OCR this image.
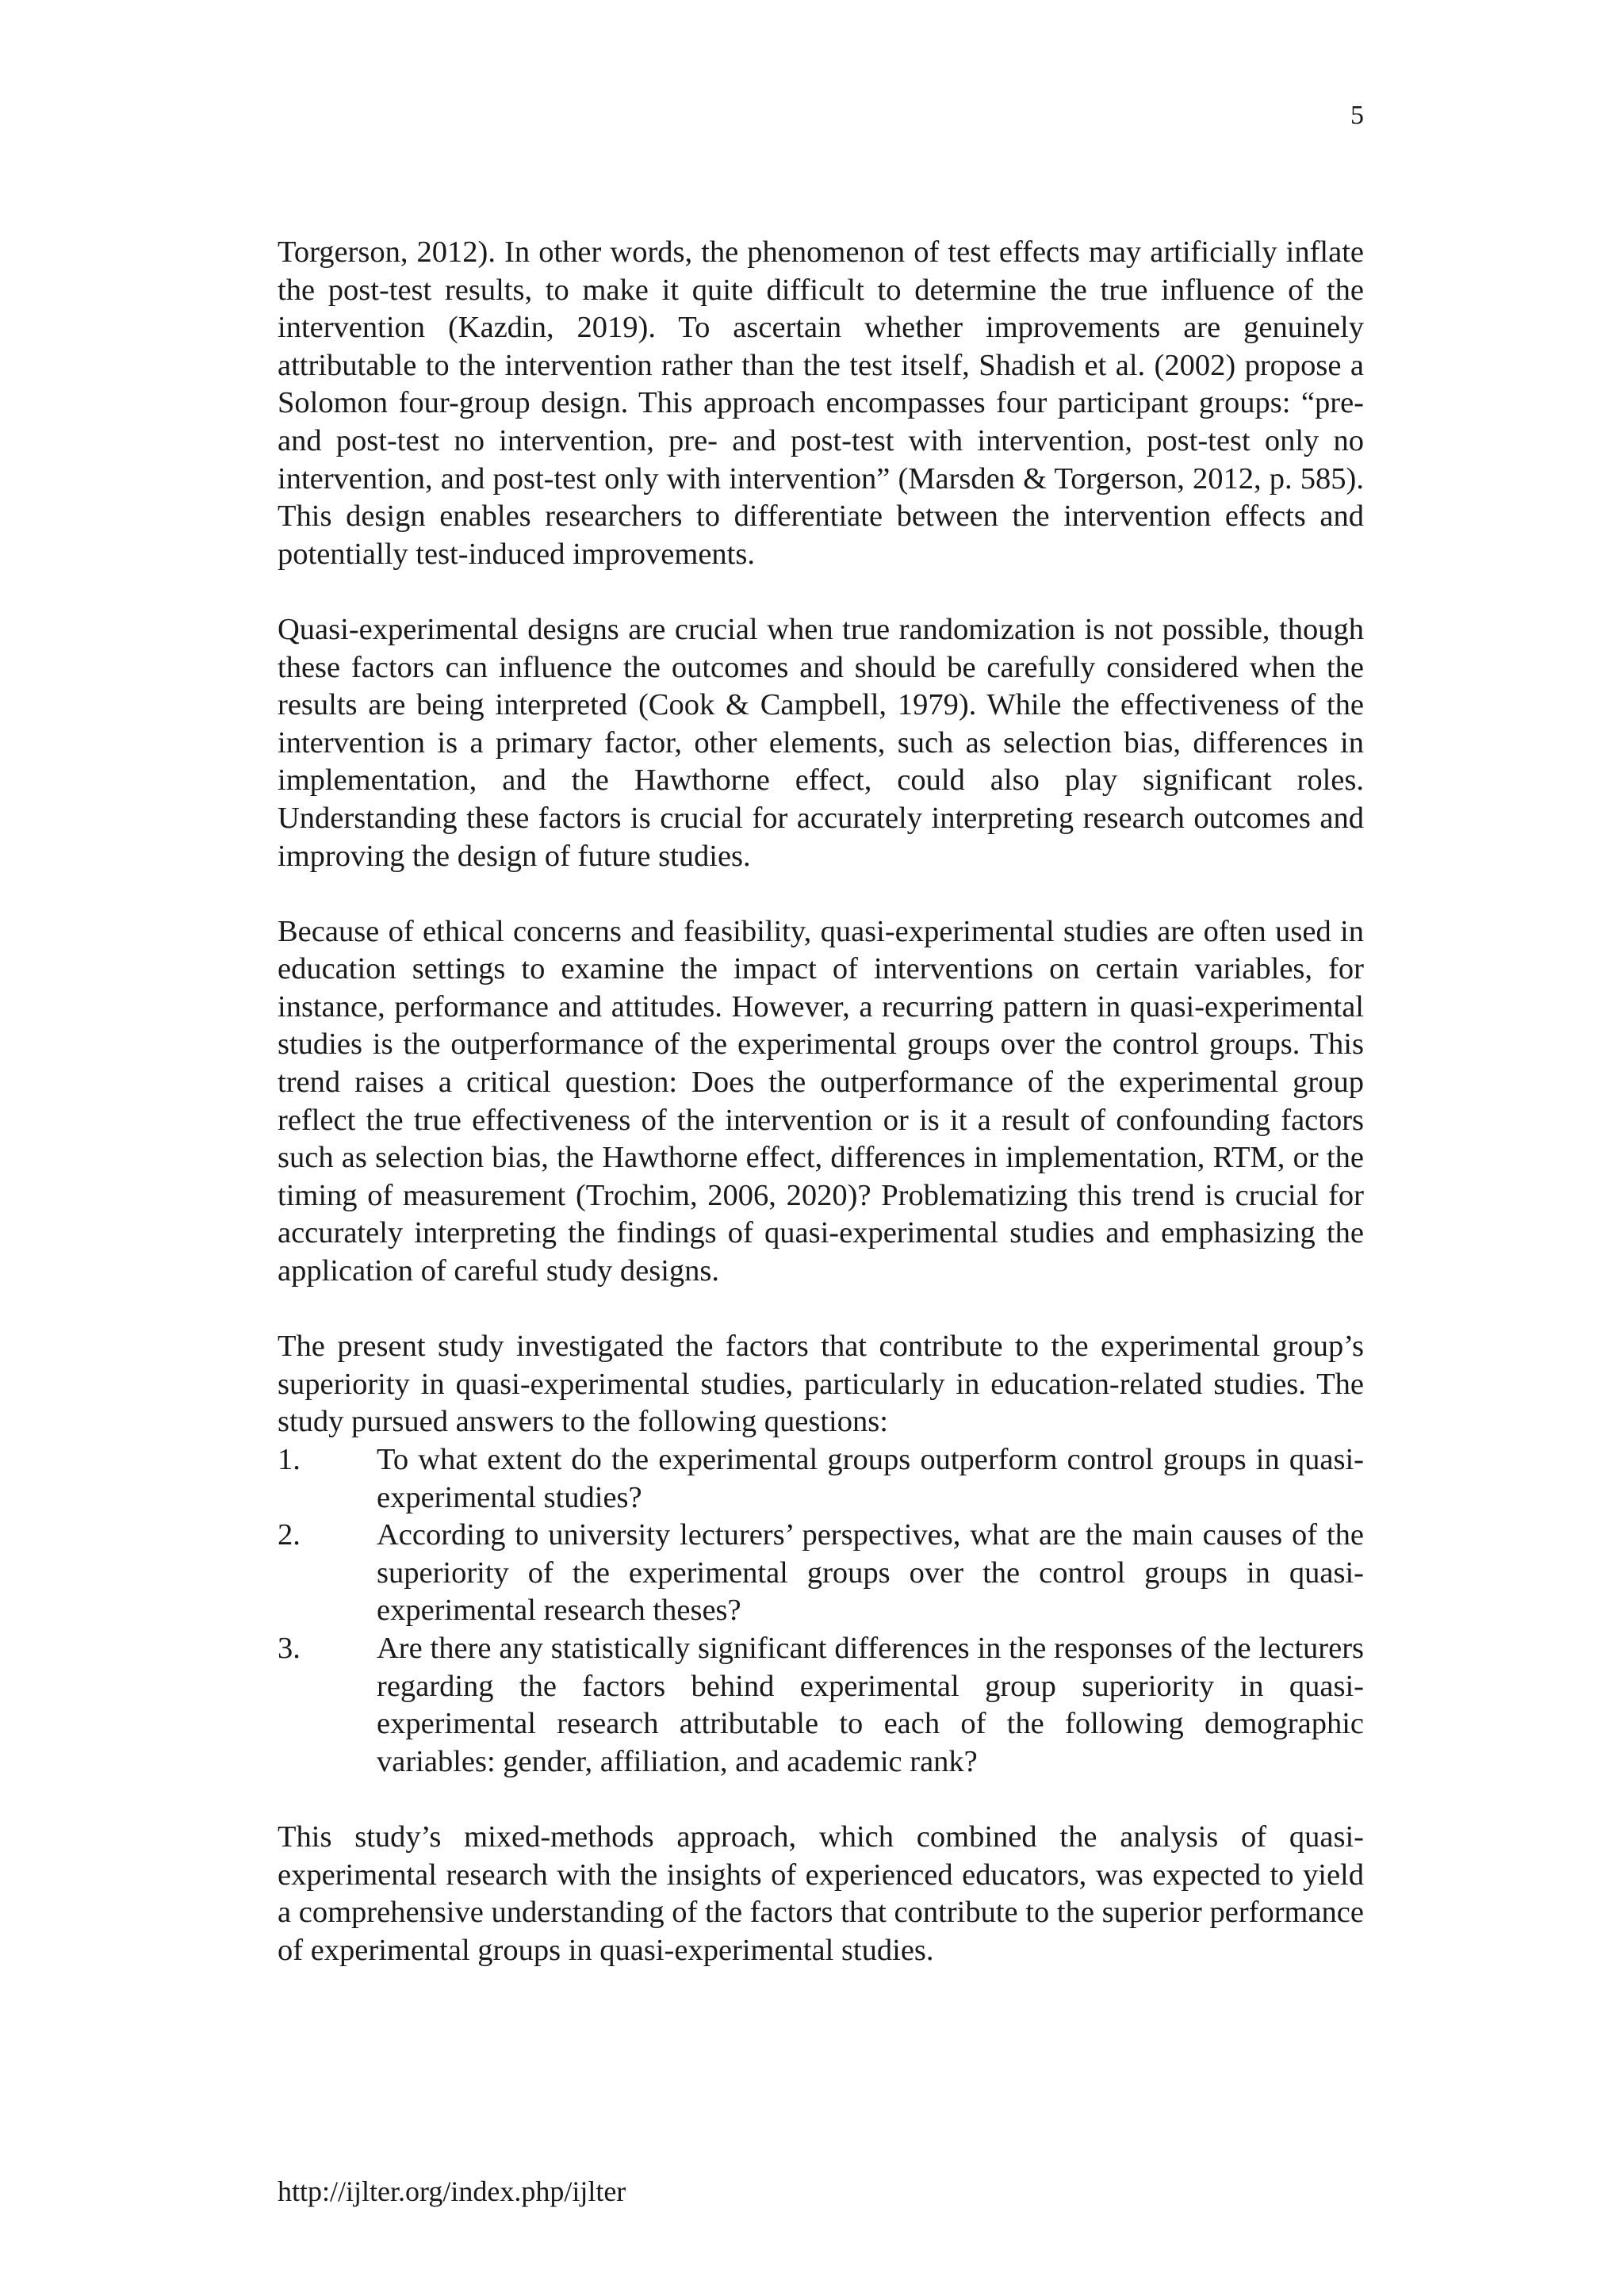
5

Torgerson, 2012). In other words, the phenomenon of test effects may artificially inflate the post-test results, to make it quite difficult to determine the true influence of the intervention (Kazdin, 2019). To ascertain whether improvements are genuinely attributable to the intervention rather than the test itself, Shadish et al. (2002) propose a Solomon four-group design. This approach encompasses four participant groups: “pre- and post-test no intervention, pre- and post-test with intervention, post-test only no intervention, and post-test only with intervention” (Marsden & Torgerson, 2012, p. 585). This design enables researchers to differentiate between the intervention effects and potentially test-induced improvements.

Quasi-experimental designs are crucial when true randomization is not possible, though these factors can influence the outcomes and should be carefully considered when the results are being interpreted (Cook & Campbell, 1979). While the effectiveness of the intervention is a primary factor, other elements, such as selection bias, differences in implementation, and the Hawthorne effect, could also play significant roles. Understanding these factors is crucial for accurately interpreting research outcomes and improving the design of future studies.

Because of ethical concerns and feasibility, quasi-experimental studies are often used in education settings to examine the impact of interventions on certain variables, for instance, performance and attitudes. However, a recurring pattern in quasi-experimental studies is the outperformance of the experimental groups over the control groups. This trend raises a critical question: Does the outperformance of the experimental group reflect the true effectiveness of the intervention or is it a result of confounding factors such as selection bias, the Hawthorne effect, differences in implementation, RTM, or the timing of measurement (Trochim, 2006, 2020)? Problematizing this trend is crucial for accurately interpreting the findings of quasi-experimental studies and emphasizing the application of careful study designs.

The present study investigated the factors that contribute to the experimental group’s superiority in quasi-experimental studies, particularly in education-related studies. The study pursued answers to the following questions:

1.	To what extent do the experimental groups outperform control groups in quasi-experimental studies?
2.	According to university lecturers’ perspectives, what are the main causes of the superiority of the experimental groups over the control groups in quasi-experimental research theses?
3.	Are there any statistically significant differences in the responses of the lecturers regarding the factors behind experimental group superiority in quasi-experimental research attributable to each of the following demographic variables: gender, affiliation, and academic rank?

This study’s mixed-methods approach, which combined the analysis of quasi-experimental research with the insights of experienced educators, was expected to yield a comprehensive understanding of the factors that contribute to the superior performance of experimental groups in quasi-experimental studies.

http://ijlter.org/index.php/ijlter
